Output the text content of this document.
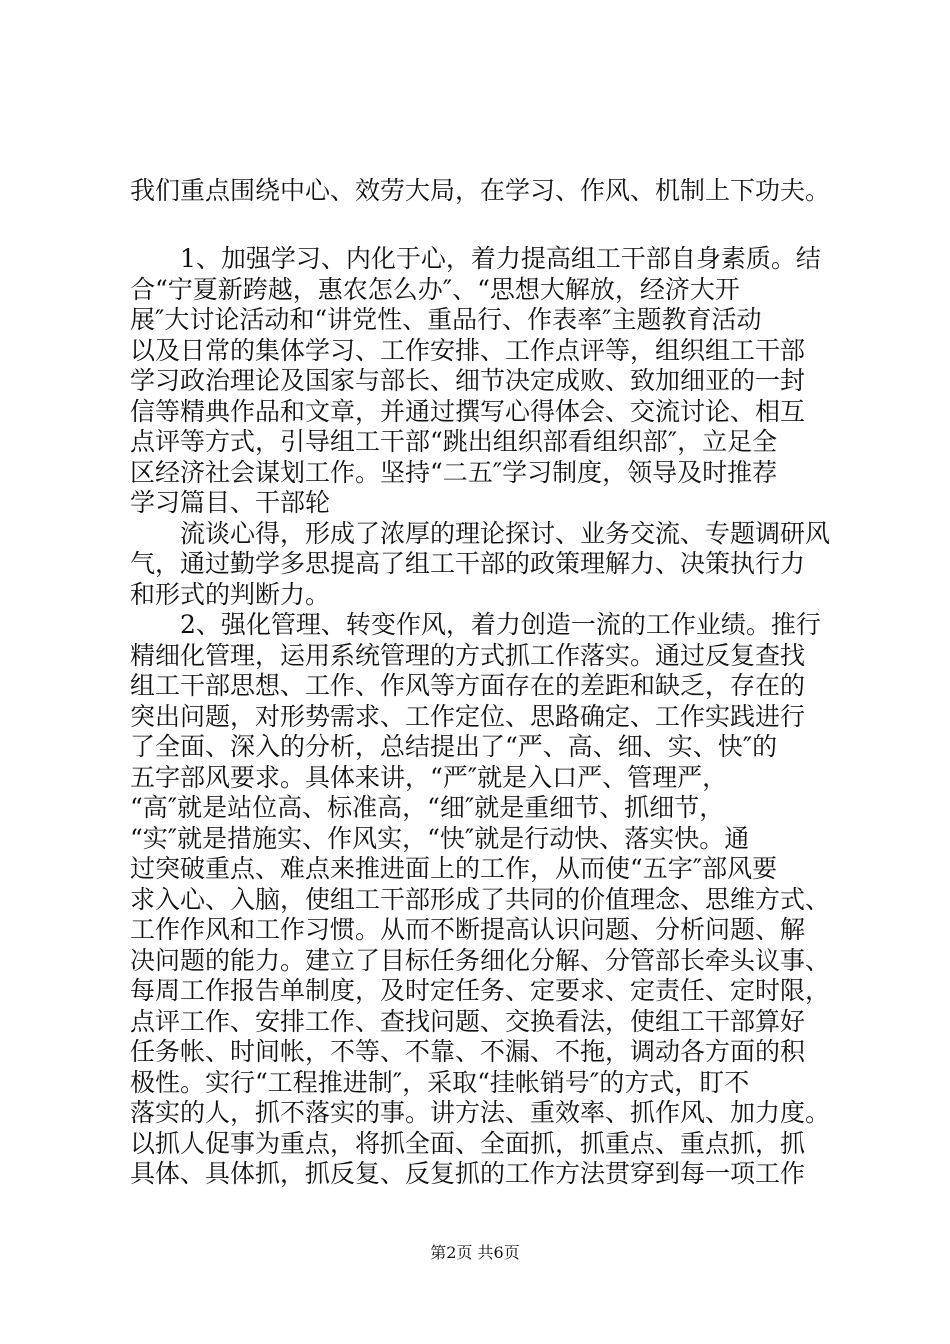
我们重点围绕中心、效劳大局，在学习、作风、机制上下功夫。
　　1、加强学习、内化于心，着力提高组工干部自身素质。结
合“宁夏新跨越，惠农怎么办″、“思想大解放，经济大开
展″大讨论活动和“讲党性、重品行、作表率″主题教育活动
以及日常的集体学习、工作安排、工作点评等，组织组工干部
学习政治理论及国家与部长、细节决定成败、致加细亚的一封
信等精典作品和文章，并通过撰写心得体会、交流讨论、相互
点评等方式，引导组工干部“跳出组织部看组织部″，立足全
区经济社会谋划工作。坚持“二五″学习制度，领导及时推荐
学习篇目、干部轮
　　流谈心得，形成了浓厚的理论探讨、业务交流、专题调研风
气，通过勤学多思提高了组工干部的政策理解力、决策执行力
和形式的判断力。
　　2、强化管理、转变作风，着力创造一流的工作业绩。推行
精细化管理，运用系统管理的方式抓工作落实。通过反复查找
组工干部思想、工作、作风等方面存在的差距和缺乏，存在的
突出问题，对形势需求、工作定位、思路确定、工作实践进行
了全面、深入的分析，总结提出了“严、高、细、实、快″的
五字部风要求。具体来讲，“严″就是入口严、管理严，
“高″就是站位高、标准高，“细″就是重细节、抓细节，
“实″就是措施实、作风实，“快″就是行动快、落实快。通
过突破重点、难点来推进面上的工作，从而使“五字″部风要
求入心、入脑，使组工干部形成了共同的价值理念、思维方式、
工作作风和工作习惯。从而不断提高认识问题、分析问题、解
决问题的能力。建立了目标任务细化分解、分管部长牵头议事、
每周工作报告单制度，及时定任务、定要求、定责任、定时限，
点评工作、安排工作、查找问题、交换看法，使组工干部算好
任务帐、时间帐，不等、不靠、不漏、不拖，调动各方面的积
极性。实行“工程推进制″，采取“挂帐销号″的方式，盯不
落实的人，抓不落实的事。讲方法、重效率、抓作风、加力度。
以抓人促事为重点，将抓全面、全面抓，抓重点、重点抓，抓
具体、具体抓，抓反复、反复抓的工作方法贯穿到每一项工作
第2页 共6页
